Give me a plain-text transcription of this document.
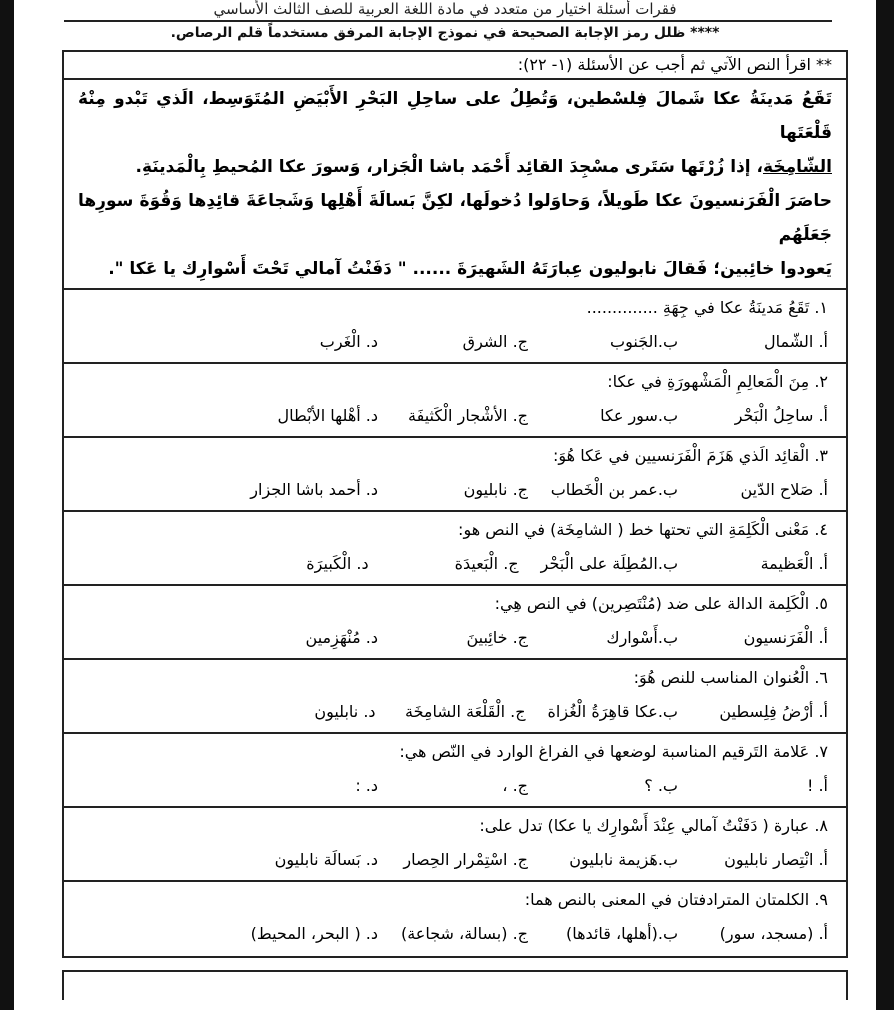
فقرات أسئلة اختيار من متعدد في مادة اللغة العربية للصف الثالث الأساسي
**** ظلل رمز الإجابة الصحيحة في نموذج الإجابة المرفق مستخدماً قلم الرصاص.
** اقرأ النص الآتي ثم أجب عن الأسئلة (١- ٢٢):

تَقَعُ مَدينَةُ عكا شَمالَ فِلسْطين، وَتُطِلُ على ساحِلِ البَحْرِ الأَبْيَضِ المُتَوَسِط، الَذي تَبْدو مِنْهُ قَلْعَتَها

الشّامِخَة، إذا زُرْتَها سَتَرى مسْجِدَ القائِد أَحْمَد باشا الْجَزار، وَسورَ عكا المُحيطِ بِالْمَدينَةِ.

حاصَرَ الْفَرَنسيونَ عكا طَويلاً، وَحاوَلوا دُخولَها، لكِنَّ بَسالَةَ أَهْلِها وَشَجاعَةَ قائِدِها وَقُوَةَ سورِها جَعَلَهُم

يَعودوا خائِبين؛ فَقالَ نابوليون عِبارَتَهُ الشَهيرَةَ ...... " دَفَنْتُ آمالي تَحْتَ أَسْوارِك يا عَكا ".

١. تَقَعُ مَدينَةُ عكا في جِهَةِ ..............
أ. الشّمال
ب.الجَنوب
ج. الشرق
د. الْغَرب
٢. مِنَ الْمَعالِمِ الْمَشْهورَةِ في عكا:
أ. ساحِلُ الْبَحْر
ب.سور عكا
ج. الأشْجار الْكَثيفَة
د. أهْلها الأبْطال
٣. الْقائِد الَذي هَزَمَ الْفَرَنسيين في عَكا هُوَ:
أ. صَلاح الدّين
ب.عمر بن الْخَطاب
ج. نابليون
د. أحمد باشا الجزار
٤. مَعْنى الْكَلِمَةِ التي تحتها خط ( الشامِخَة) في النص هو:
أ. الْعَظيمة
ب.المُطِلَة على الْبَحْر
ج. الْبَعيدَة
د. الْكَبيرَة
٥. الْكَلِمة الدالة على ضد (مُنْتَصِرين) في النص هِي:
أ. الْفَرَنسيون
ب.أَسْوارك
ج. خائِبينَ
د. مُنْهَزِمين
٦. الْعُنوان المناسب للنص هُوَ:
أ. أرْضُ فِلِسطين
ب.عكا قاهِرَةُ الْغُزاة
ج. الْقَلْعَة الشامِخَة
د. نابليون
٧. عَلامة التَرقيم المناسبة لوضعها في الفراغ الوارد في النّص هي:
أ. !
ب. ؟
ج. ،
د. :
٨. عبارة ( دَفَنْتُ آمالي عِنْدَ أَسْوارِك يا عكا) تدل على:
أ. انْتِصار نابليون
ب.هَزيمة نابليون
ج. اسْتِمْرار الحِصار
د. بَسالَة نابليون
٩. الكلمتان المترادفتان في المعنى بالنص هما:
أ. (مسجد، سور)
ب.(أهلها، قائدها)
ج. (بسالة، شجاعة)
د. ( البحر، المحيط)
